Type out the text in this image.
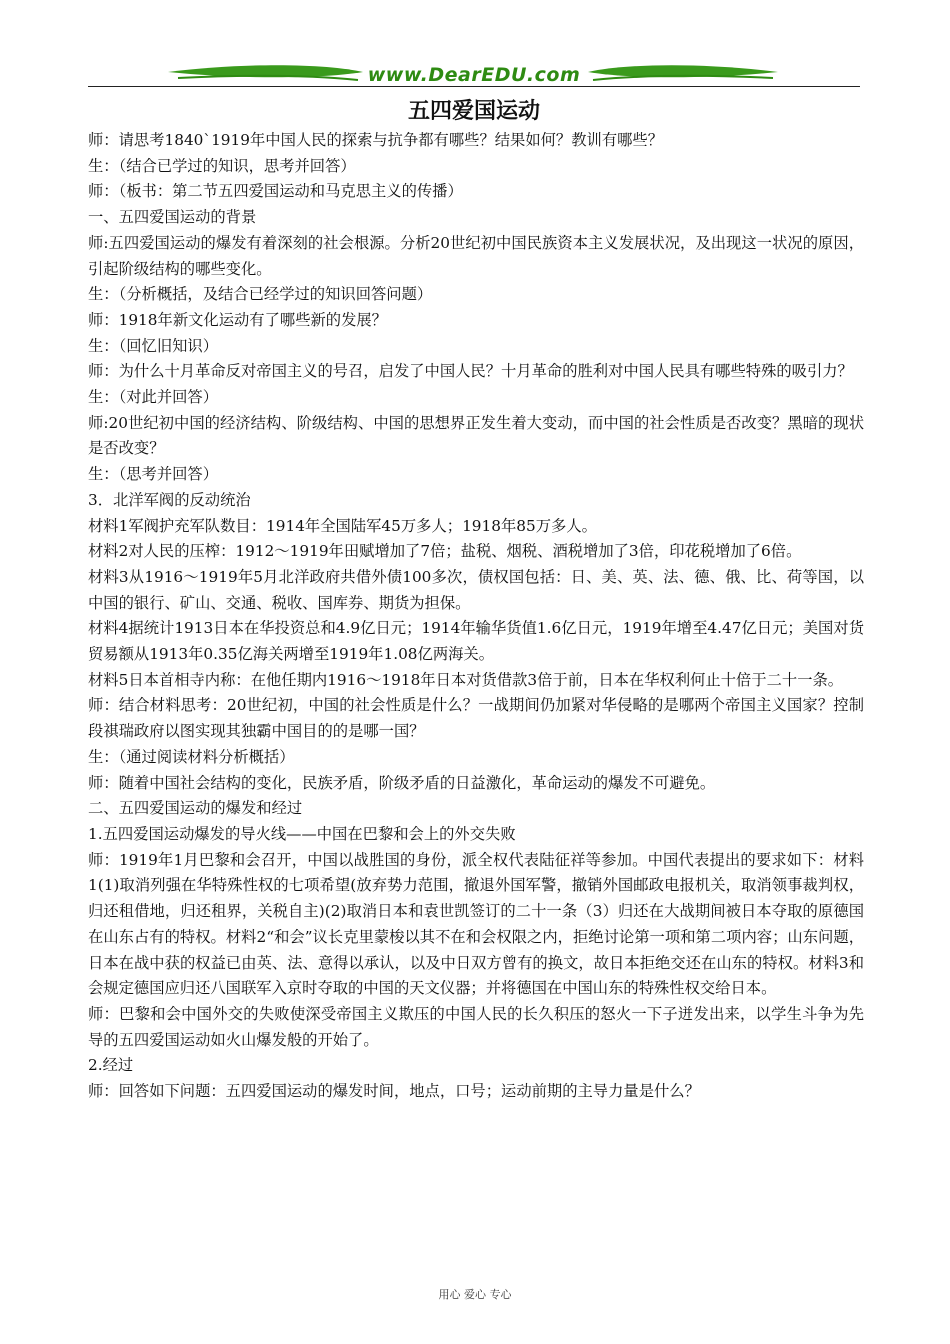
www.DearEDU.com
五四爱国运动

师：请思考1840`1919年中国人民的探索与抗争都有哪些？结果如何？教训有哪些？

生：（结合已学过的知识，思考并回答）

师：（板书：第二节五四爱国运动和马克思主义的传播）

一、五四爱国运动的背景

师:五四爱国运动的爆发有着深刻的社会根源。分析20世纪初中国民族资本主义发展状况，及出现这一状况的原因，引起阶级结构的哪些变化。

生：（分析概括，及结合已经学过的知识回答问题）

师：1918年新文化运动有了哪些新的发展？

生：（回忆旧知识）

师：为什么十月革命反对帝国主义的号召，启发了中国人民？十月革命的胜利对中国人民具有哪些特殊的吸引力？

生：（对此并回答）

师:20世纪初中国的经济结构、阶级结构、中国的思想界正发生着大变动，而中国的社会性质是否改变？黑暗的现状是否改变？

生：（思考并回答）

3．北洋军阀的反动统治

材料1军阀护充军队数目：1914年全国陆军45万多人；1918年85万多人。

材料2对人民的压榨：1912～1919年田赋增加了7倍；盐税、烟税、酒税增加了3倍，印花税增加了6倍。

材料3从1916～1919年5月北洋政府共借外债100多次，债权国包括：日、美、英、法、德、俄、比、荷等国，以中国的银行、矿山、交通、税收、国库券、期货为担保。

材料4据统计1913日本在华投资总和4.9亿日元；1914年输华货值1.6亿日元，1919年增至4.47亿日元；美国对货贸易额从1913年0.35亿海关两增至1919年1.08亿两海关。

材料5日本首相寺内称：在他任期内1916～1918年日本对货借款3倍于前，日本在华权利何止十倍于二十一条。

师：结合材料思考：20世纪初，中国的社会性质是什么？一战期间仍加紧对华侵略的是哪两个帝国主义国家？控制段祺瑞政府以图实现其独霸中国目的的是哪一国？

生：（通过阅读材料分析概括）

师：随着中国社会结构的变化，民族矛盾，阶级矛盾的日益激化，革命运动的爆发不可避免。

二、五四爱国运动的爆发和经过

1.五四爱国运动爆发的导火线——中国在巴黎和会上的外交失败

师：1919年1月巴黎和会召开，中国以战胜国的身份，派全权代表陆征祥等参加。中国代表提出的要求如下：材料1(1)取消列强在华特殊性权的七项希望(放弃势力范围，撤退外国军警，撤销外国邮政电报机关，取消领事裁判权，归还租借地，归还租界，关税自主)(2)取消日本和袁世凯签订的二十一条（3）归还在大战期间被日本夺取的原德国在山东占有的特权。材料2“和会”议长克里蒙梭以其不在和会权限之内，拒绝讨论第一项和第二项内容；山东问题，日本在战中获的权益已由英、法、意得以承认，以及中日双方曾有的换文，故日本拒绝交还在山东的特权。材料3和会规定德国应归还八国联军入京时夺取的中国的天文仪器；并将德国在中国山东的特殊性权交给日本。

师：巴黎和会中国外交的失败使深受帝国主义欺压的中国人民的长久积压的怒火一下子迸发出来，以学生斗争为先导的五四爱国运动如火山爆发般的开始了。

2.经过

师：回答如下问题：五四爱国运动的爆发时间，地点，口号；运动前期的主导力量是什么？

用心 爱心 专心
